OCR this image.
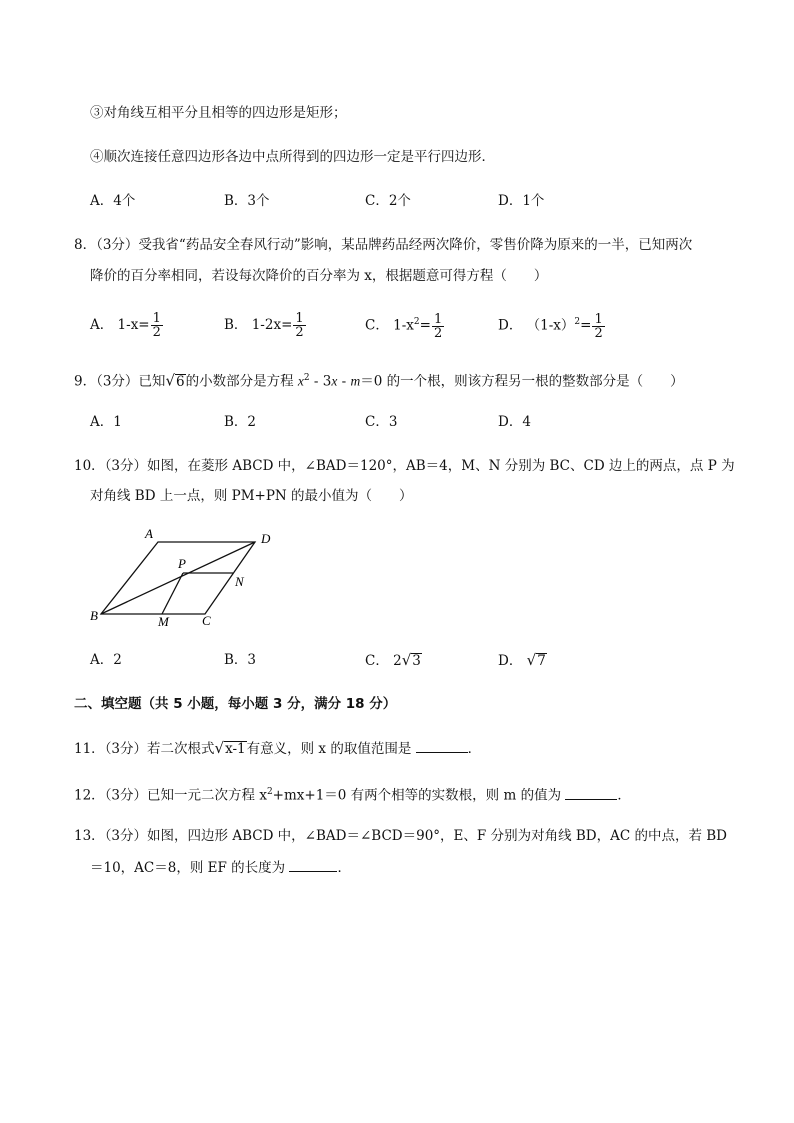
③对角线互相平分且相等的四边形是矩形；
④顺次连接任意四边形各边中点所得到的四边形一定是平行四边形．
A．4个	B．3个	C．2个	D．1个
8．（3分）受我省“药品安全春风行动”影响，某品牌药品经两次降价，零售价降为原来的一半，已知两次
降价的百分率相同，若设每次降价的百分率为 x，根据题意可得方程（　　）
A． $1-x= \frac{1}{2}$	B． $1-2x= \frac{1}{2}$	C． $1-x^2= \frac{1}{2}$	D． $(1-x)^2= \frac{1}{2}$
9．（3分）已知√6的小数部分是方程 $x^2 - 3x - m=0$ 的一个根，则该方程另一根的整数部分是（　　）
A．1	B．2	C．3	D．4
10．（3分）如图，在菱形 ABCD 中，∠BAD＝120°，AB＝4，M、N 分别为 BC、CD 边上的两点，点 P 为
对角线 BD 上一点，则 PM+PN 的最小值为（　　）
A	D
P
N
B	M	C
A．2	B．3	C． 2√3	D． √7
二、填空题（共 5 小题，每小题 3 分，满分 18 分）
11．（3分）若二次根式√x-1有意义，则 x 的取值范围是	．
12．（3分）已知一元二次方程 $x^2+mx+1=0$ 有两个相等的实数根，则 m 的值为	．
13．（3分）如图，四边形 ABCD 中，∠BAD＝∠BCD＝90°，E、F 分别为对角线 BD，AC 的中点，若 BD
＝10，AC＝8，则 EF 的长度为	．
